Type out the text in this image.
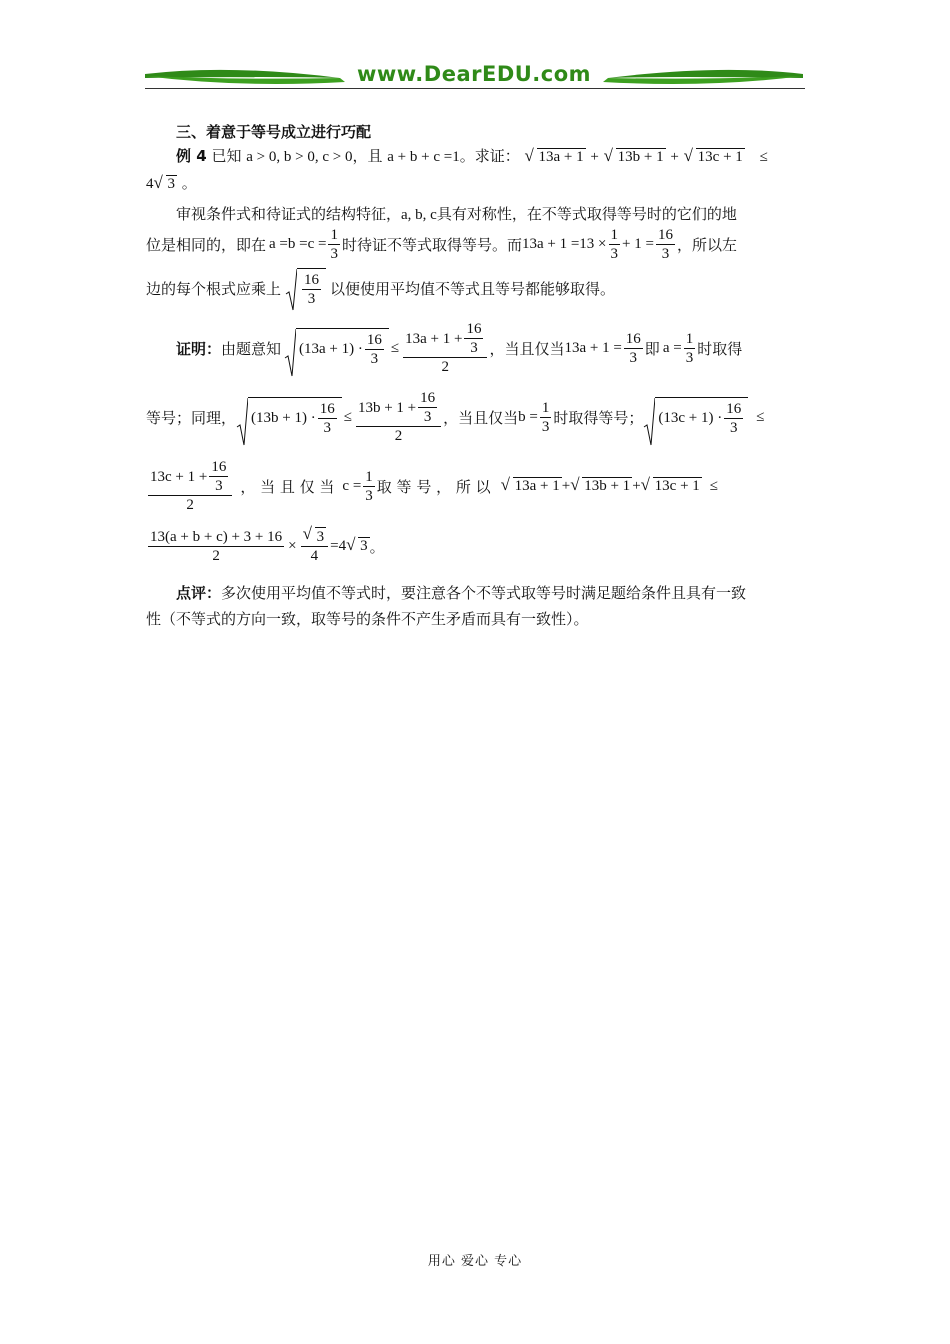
www.DearEDU.com
三、着意于等号成立进行巧配
例 4 已知 a > 0, b > 0, c > 0，且 a + b + c =1。求证： √ 13a + 1 + √ 13b + 1 + √ 13c + 1 ≤
4 √ 3 。
审视条件式和待证式的结构特征，a, b, c具有对称性，在不等式取得等号时的它们的地
位是相同的，即在 $a =b =c = \frac{1}{3}$ 时待证不等式取得等号。而 $13a + 1 =13 \times \frac{1}{3} + 1 = \frac{16}{3}$ ，所以左
边的每个根式应乘上 $\frac{16}{3}$ 以便使用平均值不等式且等号都能够取得。
证明： 由题意知 $(13a + 1) \cdot \frac{16}{3} \le \frac{13a + 1 + \frac{16}{3}}{2}$ ，当且仅当 $13a + 1 = \frac{16}{3}$ 即 $a = \frac{1}{3}$ 时取得
等号；同理， $(13b + 1) \cdot \frac{16}{3} \le \frac{13b + 1 + \frac{16}{3}}{2}$ ，当且仅当 $b = \frac{1}{3}$ 时取得等号； $(13c + 1) \cdot \frac{16}{3}$ ≤
$\frac{13c + 1 + \frac{16}{3}}{2}$ ， 当 且 仅 当 $c = \frac{1}{3}$ 取 等 号 ， 所 以	√ 13a + 1 + √ 13b + 1 + √ 13c + 1 ≤
$\frac{13(a + b + c) + 3 + 16}{2}$ × √ $\frac{3}{4} =4$ √ 3 。
点评：多次使用平均值不等式时，要注意各个不等式取等号时满足题给条件且具有一致
性（不等式的方向一致，取等号的条件不产生矛盾而具有一致性）。
用心 爱心 专心
